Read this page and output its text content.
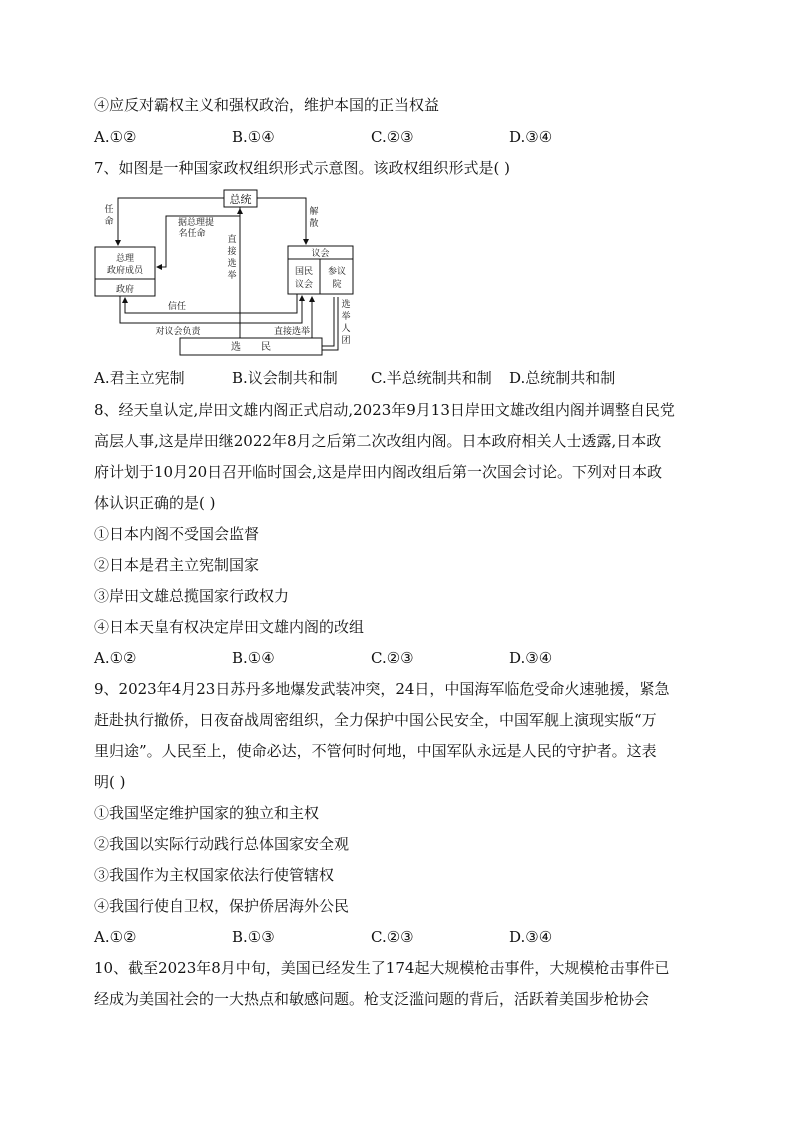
④应反对霸权主义和强权政治，维护本国的正当权益
A.①②	B.①④	C.②③	D.③④
7、如图是一种国家政权组织形式示意图。该政权组织形式是( )
总统
总理
政府成员
政府
议会
国民
议会
参议
院
选　　民
任
命	据总理提
名任命
直
接
选
举
解
散
信任
对议会负责	直接选举
选
举
人
团
A.君主立宪制	B.议会制共和制 C.半总统制共和制 D.总统制共和制
8、经天皇认定,岸田文雄内阁正式启动,2023年9月13日岸田文雄改组内阁并调整自民党
高层人事,这是岸田继2022年8月之后第二次改组内阁。日本政府相关人士透露,日本政
府计划于10月20日召开临时国会,这是岸田内阁改组后第一次国会讨论。下列对日本政
体认识正确的是( )
①日本内阁不受国会监督
②日本是君主立宪制国家
③岸田文雄总揽国家行政权力
④日本天皇有权决定岸田文雄内阁的改组
A.①②	B.①④	C.②③	D.③④
9、2023年4月23日苏丹多地爆发武装冲突，24日，中国海军临危受命火速驰援，紧急
赶赴执行撤侨，日夜奋战周密组织，全力保护中国公民安全，中国军舰上演现实版“万
里归途”。人民至上，使命必达，不管何时何地，中国军队永远是人民的守护者。这表
明( )
①我国坚定维护国家的独立和主权
②我国以实际行动践行总体国家安全观
③我国作为主权国家依法行使管辖权
④我国行使自卫权，保护侨居海外公民
A.①②	B.①③	C.②③	D.③④
10、截至2023年8月中旬，美国已经发生了174起大规模枪击事件，大规模枪击事件已
经成为美国社会的一大热点和敏感问题。枪支泛滥问题的背后，活跃着美国步枪协会
